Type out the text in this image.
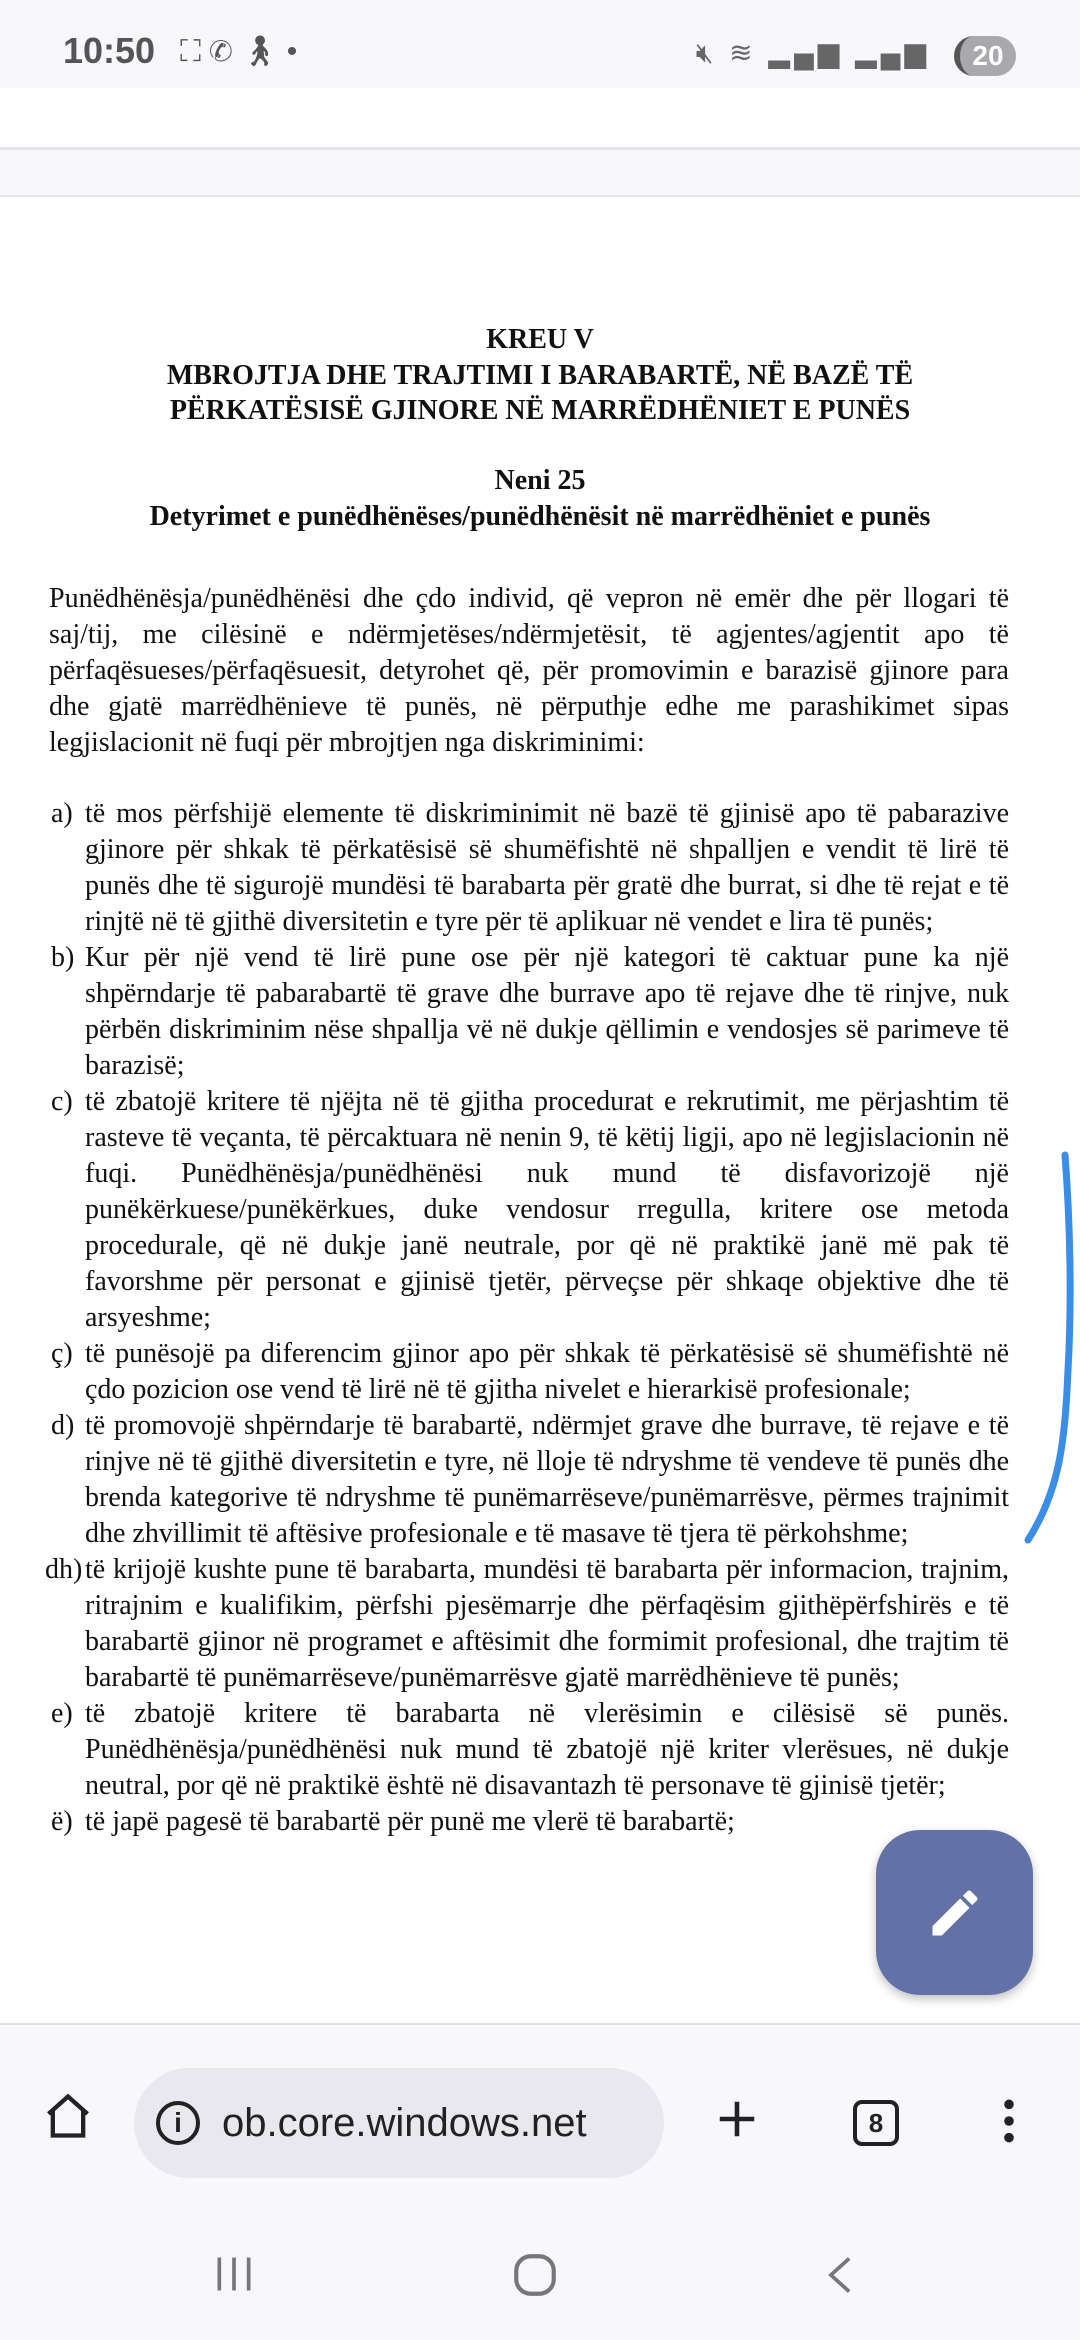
10:50 ⛶✆🚶︎•	🔇︎ ≋ ▂▄▆ ▂▄▆	20
KREU V
MBROJTJA DHE TRAJTIMI I BARABARTË, NË BAZË TË
PËRKATËSISË GJINORE NË MARRËDHËNIET E PUNËS
Neni 25
Detyrimet e punëdhënëses/punëdhënësit në marrëdhëniet e punës

Punëdhënësja/punëdhënësi dhe çdo individ, që vepron në emër dhe për llogari të saj/tij, me cilësinë e ndërmjetëses/ndërmjetësit, të agjentes/agjentit apo të përfaqësueses/përfaqësuesit, detyrohet që, për promovimin e barazisë gjinore para dhe gjatë marrëdhënieve të punës, në përputhje edhe me parashikimet sipas legjislacionit në fuqi për mbrojtjen nga diskriminimi:

a) të mos përfshijë elemente të diskriminimit në bazë të gjinisë apo të pabarazive gjinore për shkak të përkatësisë së shumëfishtë në shpalljen e vendit të lirë të punës dhe të sigurojë mundësi të barabarta për gratë dhe burrat, si dhe të rejat e të rinjtë në të gjithë diversitetin e tyre për të aplikuar në vendet e lira të punës;
b) Kur për një vend të lirë pune ose për një kategori të caktuar pune ka një shpërndarje të pabarabartë të grave dhe burrave apo të rejave dhe të rinjve, nuk përbën diskriminim nëse shpallja vë në dukje qëllimin e vendosjes së parimeve të barazisë;
c) të zbatojë kritere të njëjta në të gjitha procedurat e rekrutimit, me përjashtim të rasteve të veçanta, të përcaktuara në nenin 9, të këtij ligji, apo në legjislacionin në fuqi. Punëdhënësja/punëdhënësi nuk mund të disfavorizojë një punëkërkuese/punëkërkues, duke vendosur rregulla, kritere ose metoda procedurale, që në dukje janë neutrale, por që në praktikë janë më pak të favorshme për personat e gjinisë tjetër, përveçse për shkaqe objektive dhe të arsyeshme;
ç) të punësojë pa diferencim gjinor apo për shkak të përkatësisë së shumëfishtë në çdo pozicion ose vend të lirë në të gjitha nivelet e hierarkisë profesionale;
d) të promovojë shpërndarje të barabartë, ndërmjet grave dhe burrave, të rejave e të rinjve në të gjithë diversitetin e tyre, në lloje të ndryshme të vendeve të punës dhe brenda kategorive të ndryshme të punëmarrëseve/punëmarrësve, përmes trajnimit dhe zhvillimit të aftësive profesionale e të masave të tjera të përkohshme;
dh) të krijojë kushte pune të barabarta, mundësi të barabarta për informacion, trajnim, ritrajnim e kualifikim, përfshi pjesëmarrje dhe përfaqësim gjithëpërfshirës e të barabartë gjinor në programet e aftësimit dhe formimit profesional, dhe trajtim të barabartë të punëmarrëseve/punëmarrësve gjatë marrëdhënieve të punës;
e) të zbatojë kritere të barabarta në vlerësimin e cilësisë së punës. Punëdhënësja/punëdhënësi nuk mund të zbatojë një kriter vlerësues, në dukje neutral, por që në praktikë është në disavantazh të personave të gjinisë tjetër;
ë) të japë pagesë të barabartë për punë me vlerë të barabartë;
i	ob.core.windows.net	8
